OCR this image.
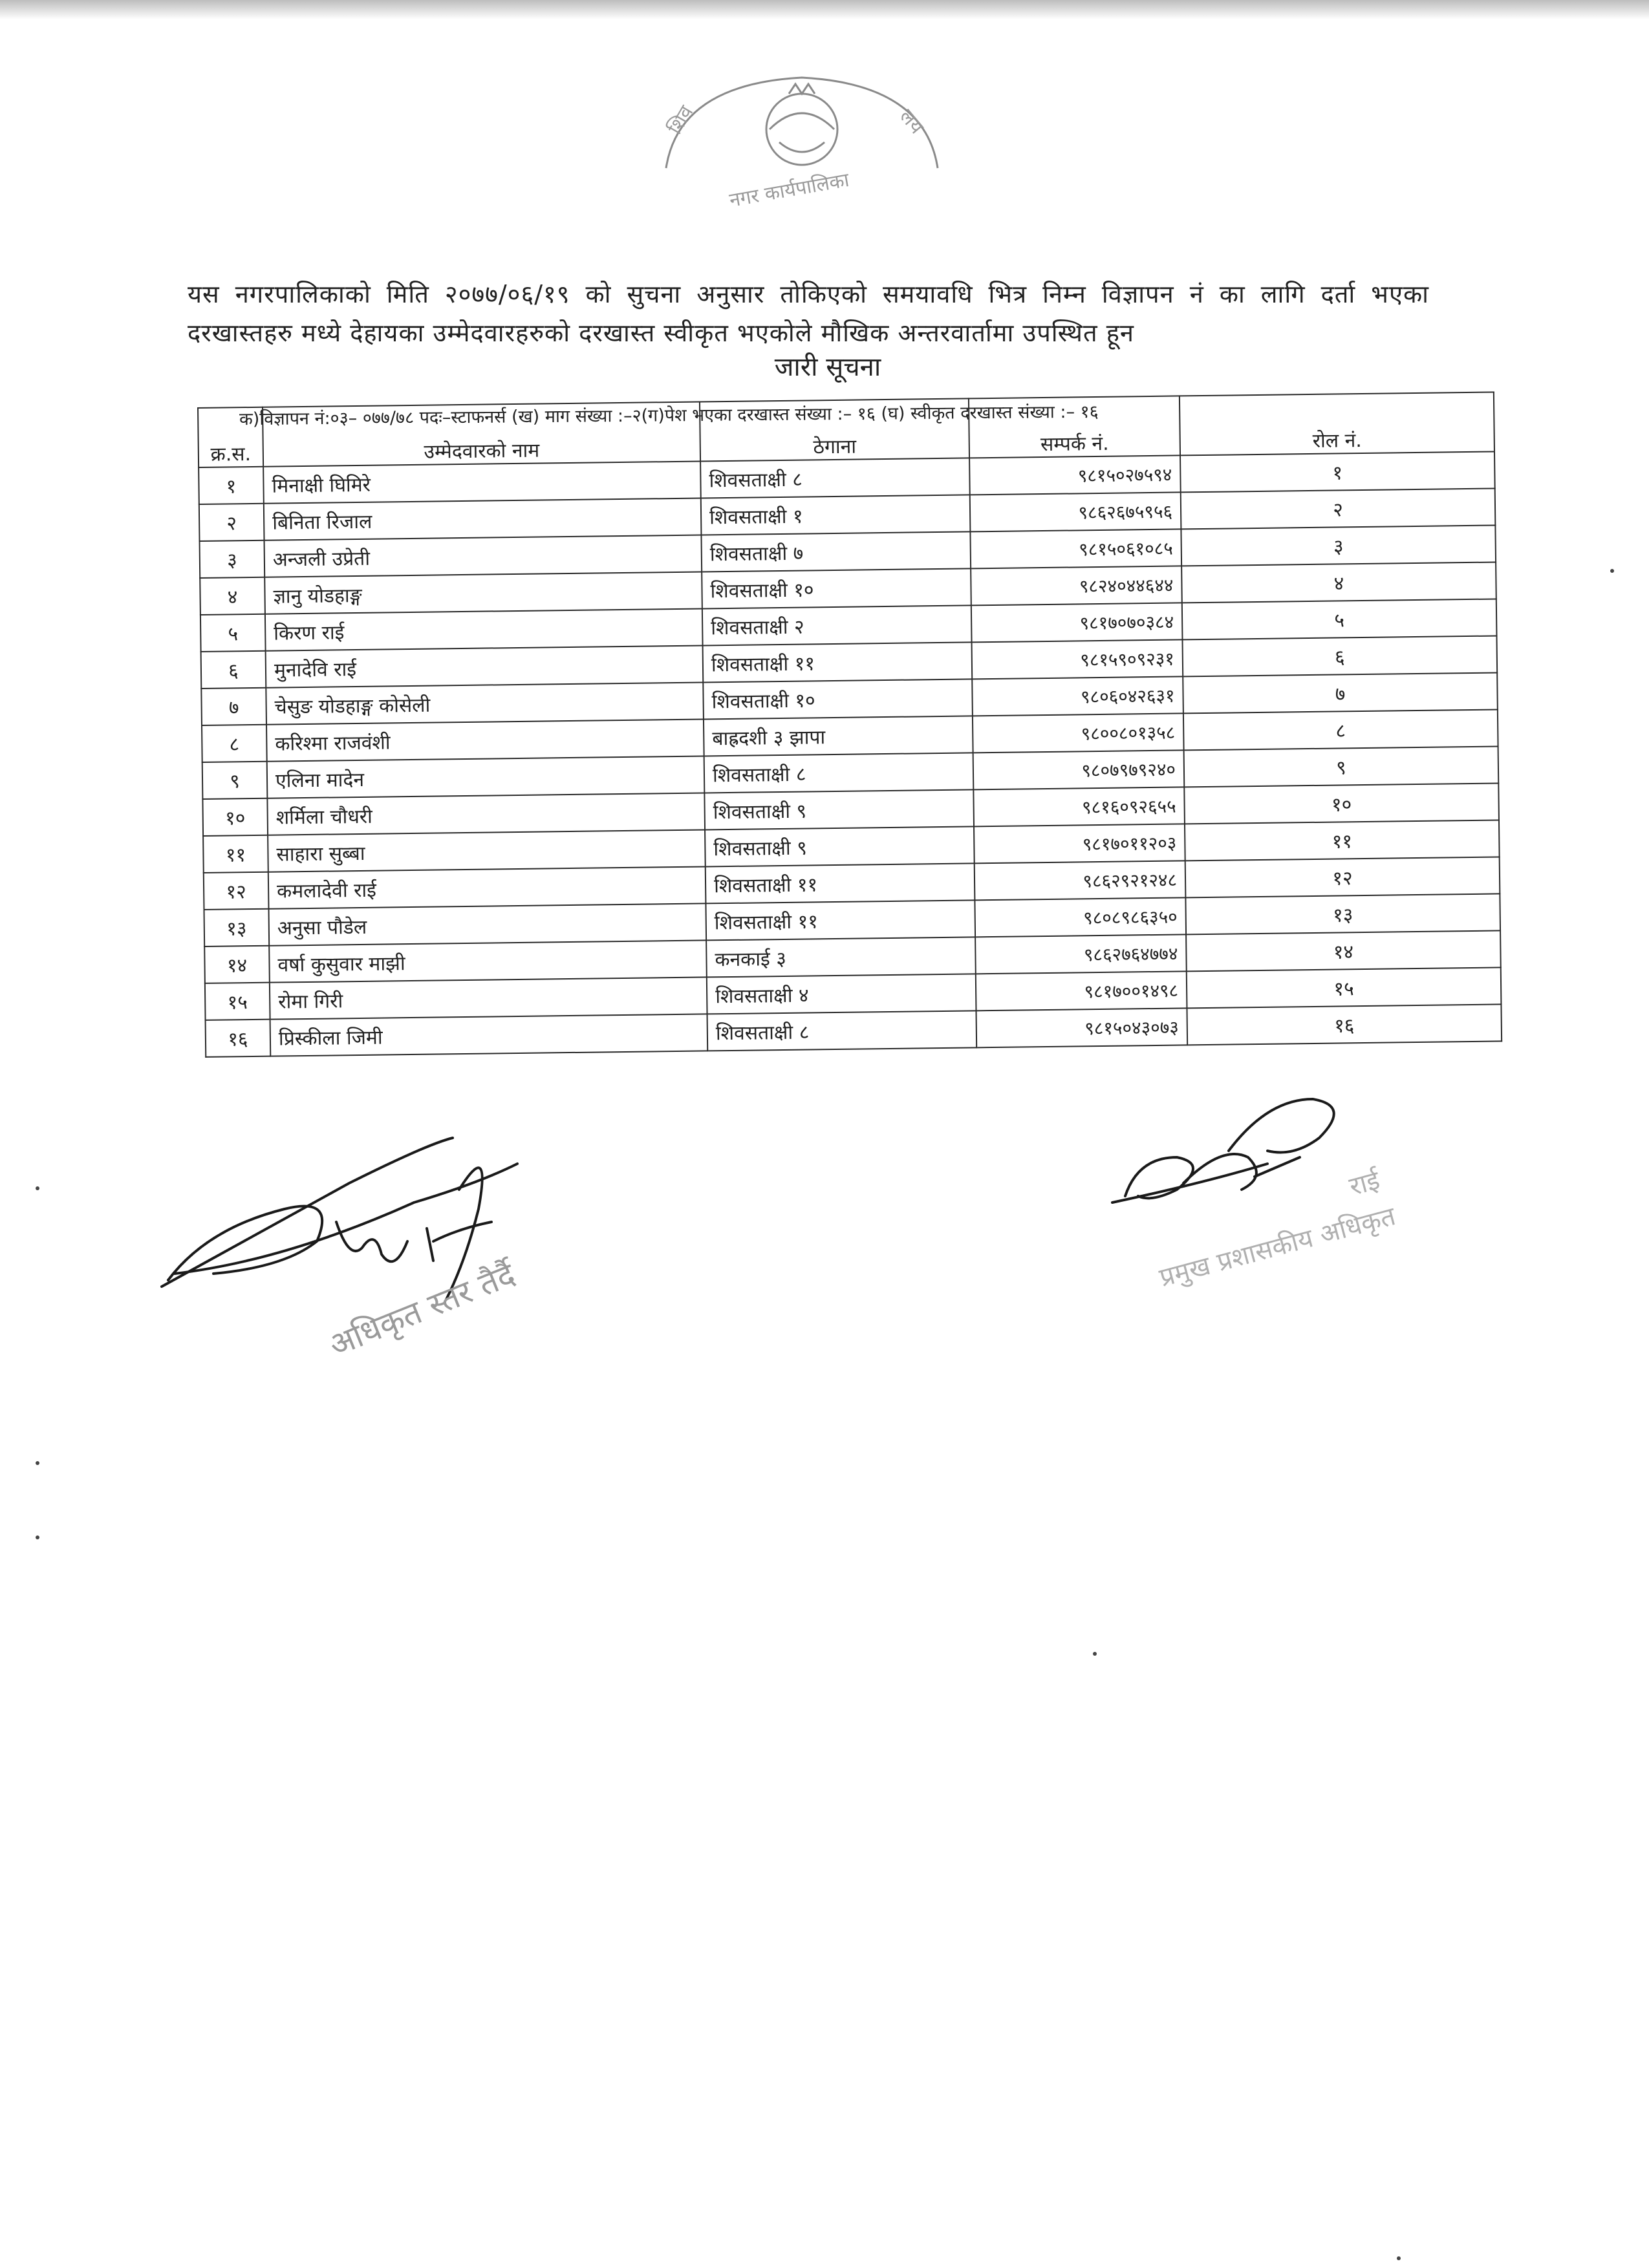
शिव	लय
नगर कार्यपालिका
यस नगरपालिकाको मिति २०७७/०६/१९ को सुचना अनुसार तोकिएको समयावधि भित्र निम्न विज्ञापन नं का लागि दर्ता भएका दरखास्तहरु मध्ये देहायका उम्मेदवारहरुको दरखास्त स्वीकृत भएकोले मौखिक अन्तरवार्तामा उपस्थित हून
जारी सूचना
क)विज्ञापन नं:०३– ०७७/७८ पदः–स्टाफनर्स (ख) माग संख्या :–२(ग)पेश भएका दरखास्त संख्या :– १६ (घ) स्वीकृत दरखास्त संख्या :– १६
क्र.स.	उम्मेदवारको नाम	ठेगाना	सम्पर्क नं.	रोल नं.
१	मिनाक्षी घिमिरे	शिवसताक्षी ८	९८१५०२७५९४	१
२	बिनिता रिजाल	शिवसताक्षी १	९८६२६७५९५६	२
३	अन्जली उप्रेती	शिवसताक्षी ७	९८१५०६१०८५	३
४	ज्ञानु योडहाङ्ग	शिवसताक्षी १०	९८२४०४४६४४	४
५	किरण राई	शिवसताक्षी २	९८१७०७०३८४	५
६	मुनादेवि राई	शिवसताक्षी ११	९८१५९०९२३१	६
७	चेसुङ योडहाङ्ग कोसेली	शिवसताक्षी १०	९८०६०४२६३१	७
८	करिश्मा राजवंशी	बाह्रदशी ३ झापा	९८००८०१३५८	८
९	एलिना मादेन	शिवसताक्षी ८	९८०७९७९२४०	९
१०	शर्मिला चौधरी	शिवसताक्षी ९	९८१६०९२६५५	१०
११	साहारा सुब्बा	शिवसताक्षी ९	९८१७०११२०३	११
१२	कमलादेवी राई	शिवसताक्षी ११	९८६२९२१२४८	१२
१३	अनुसा पौडेल	शिवसताक्षी ११	९८०८९८६३५०	१३
१४	वर्षा कुसुवार माझी	कनकाई ३	९८६२७६४७७४	१४
१५	रोमा गिरी	शिवसताक्षी ४	९८१७००१४९८	१५
१६	प्रिस्कीला जिमी	शिवसताक्षी ८	९८१५०४३०७३	१६
अधिकृत स्तर तैर्दै
राई
प्रमुख प्रशासकीय अधिकृत
